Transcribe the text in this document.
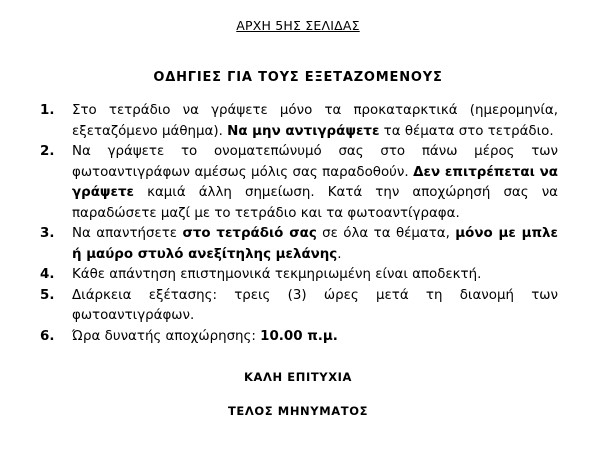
ΑΡΧΗ 5ΗΣ ΣΕΛΙΔΑΣ
ΟΔΗΓΙΕΣ ΓΙΑ ΤΟΥΣ ΕΞΕΤΑΖΟΜΕΝΟΥΣ
1. Στο τετράδιο να γράψετε μόνο τα προκαταρκτικά (ημερομηνία, εξεταζόμενο μάθημα). Να μην αντιγράψετε τα θέματα στο τετράδιο.
2. Να γράψετε το ονοματεπώνυμό σας στο πάνω μέρος των φωτοαντιγράφων αμέσως μόλις σας παραδοθούν. Δεν επιτρέπεται να γράψετε καμιά άλλη σημείωση. Κατά την αποχώρησή σας να παραδώσετε μαζί με το τετράδιο και τα φωτοαντίγραφα.
3. Να απαντήσετε στο τετράδιό σας σε όλα τα θέματα, μόνο με μπλε ή μαύρο στυλό ανεξίτηλης μελάνης.
4. Κάθε απάντηση επιστημονικά τεκμηριωμένη είναι αποδεκτή.
5. Διάρκεια εξέτασης: τρεις (3) ώρες μετά τη διανομή των φωτοαντιγράφων.
6. Ώρα δυνατής αποχώρησης: 10.00 π.μ.
ΚΑΛΗ ΕΠΙΤΥΧΙΑ
ΤΕΛΟΣ ΜΗΝΥΜΑΤΟΣ
